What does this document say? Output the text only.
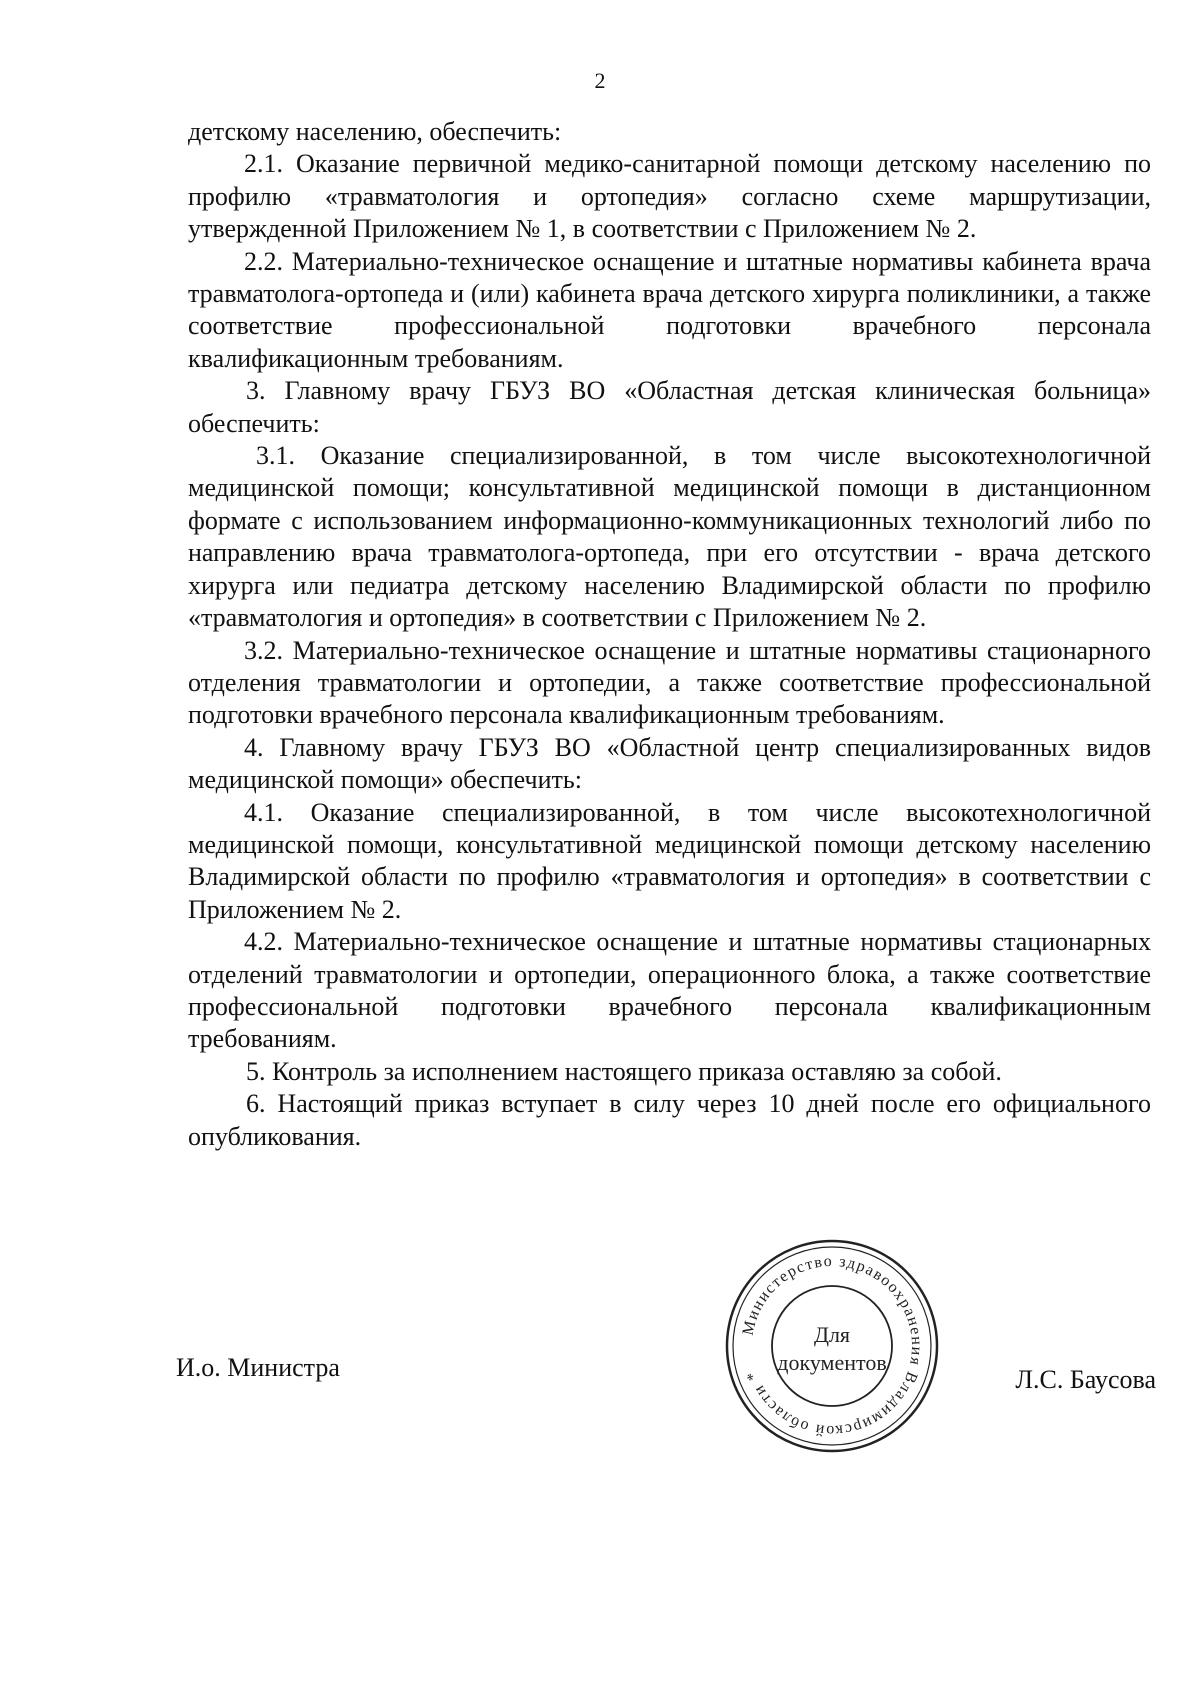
2

детскому населению, обеспечить:

2.1. Оказание первичной медико-санитарной помощи детскому населению по профилю «травматология и ортопедия» согласно схеме маршрутизации, утвержденной Приложением № 1, в соответствии с Приложением № 2.

2.2. Материально-техническое оснащение и штатные нормативы кабинета врача травматолога-ортопеда и (или) кабинета врача детского хирурга поликлиники, а также соответствие профессиональной подготовки врачебного персонала квалификационным требованиям.

3. Главному врачу ГБУЗ ВО «Областная детская клиническая больница» обеспечить:

3.1. Оказание специализированной, в том числе высокотехнологичной медицинской помощи; консультативной медицинской помощи в дистанционном формате с использованием информационно-коммуникационных технологий либо по направлению врача травматолога-ортопеда, при его отсутствии - врача детского хирурга или педиатра детскому населению Владимирской области по профилю «травматология и ортопедия» в соответствии с Приложением № 2.

3.2. Материально-техническое оснащение и штатные нормативы стационарного отделения травматологии и ортопедии, а также соответствие профессиональной подготовки врачебного персонала квалификационным требованиям.

4. Главному врачу ГБУЗ ВО «Областной центр специализированных видов медицинской помощи» обеспечить:

4.1. Оказание специализированной, в том числе высокотехнологичной медицинской помощи, консультативной медицинской помощи детскому населению Владимирской области по профилю «травматология и ортопедия» в соответствии с Приложением № 2.

4.2. Материально-техническое оснащение и штатные нормативы стационарных отделений травматологии и ортопедии, операционного блока, а также соответствие профессиональной подготовки врачебного персонала квалификационным требованиям.

5. Контроль за исполнением настоящего приказа оставляю за собой.

6. Настоящий приказ вступает в силу через 10 дней после его официального опубликования.

И.о. Министра	Л.С. Баусова
Министерство здравоохранения Владимирской области *
Для
документов
